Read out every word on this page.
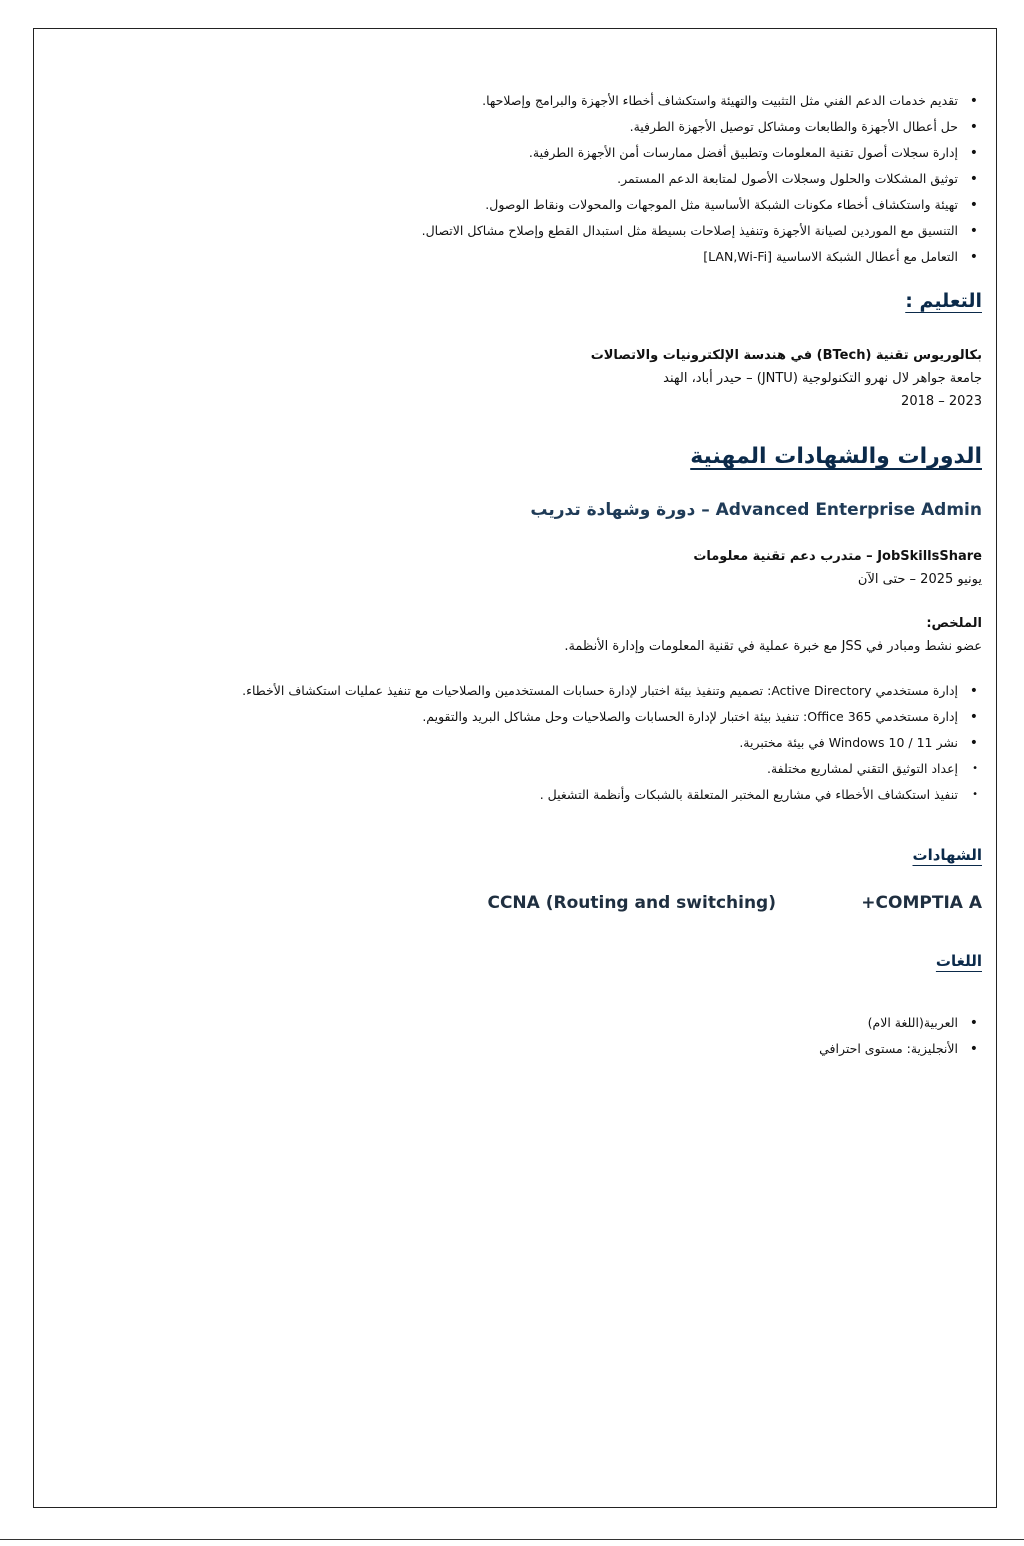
•
تقديم خدمات الدعم الفني مثل التثبيت والتهيئة واستكشاف أخطاء الأجهزة والبرامج وإصلاحها.
•
حل أعطال الأجهزة والطابعات ومشاكل توصيل الأجهزة الطرفية.
•
إدارة سجلات أصول تقنية المعلومات وتطبيق أفضل ممارسات أمن الأجهزة الطرفية.
•
توثيق المشكلات والحلول وسجلات الأصول لمتابعة الدعم المستمر.
•
تهيئة واستكشاف أخطاء مكونات الشبكة الأساسية مثل الموجهات والمحولات ونقاط الوصول.
•
التنسيق مع الموردين لصيانة الأجهزة وتنفيذ إصلاحات بسيطة مثل استبدال القطع وإصلاح مشاكل الاتصال.
•
التعامل مع أعطال الشبكة الاساسية [LAN,Wi-Fi]
التعليم :
بكالوريوس تقنية (BTech) في هندسة الإلكترونيات والاتصالات
جامعة جواهر لال نهرو التكنولوجية (JNTU) – حيدر أباد، الهند
2023 – 2018
الدورات والشهادات المهنية
Advanced Enterprise Admin – دورة وشهادة تدريب
JobSkillsShare – متدرب دعم تقنية معلومات
يونيو 2025 – حتى الآن
الملخص:
عضو نشط ومبادر في JSS مع خبرة عملية في تقنية المعلومات وإدارة الأنظمة.
•
إدارة مستخدمي Active Directory: تصميم وتنفيذ بيئة اختبار لإدارة حسابات المستخدمين والصلاحيات مع تنفيذ عمليات استكشاف الأخطاء.
•
إدارة مستخدمي Office 365: تنفيذ بيئة اختبار لإدارة الحسابات والصلاحيات وحل مشاكل البريد والتقويم.
•
نشر Windows 10 / 11 في بيئة مختبرية.
•
إعداد التوثيق التقني لمشاريع مختلفة.
•
تنفيذ استكشاف الأخطاء في مشاريع المختبر المتعلقة بالشبكات وأنظمة التشغيل .
الشهادات
+COMPTIA A
CCNA (Routing and switching)
اللغات
•
العربية(اللغة الام)
•
الأنجليزية: مستوى احترافي
